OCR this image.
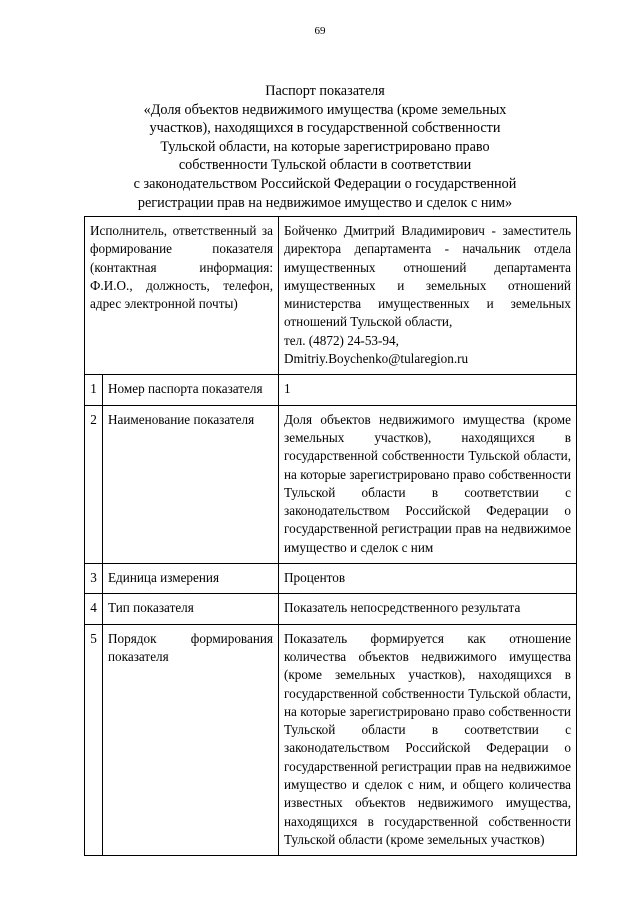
69
Паспорт показателя
«Доля объектов недвижимого имущества (кроме земельных
участков), находящихся в государственной собственности
Тульской области, на которые зарегистрировано право
собственности Тульской области в соответствии
с законодательством Российской Федерации о государственной
регистрации прав на недвижимое имущество и сделок с ним»
Исполнитель, ответственный за формирование показателя (контактная информация: Ф.И.О., должность, телефон, адрес электронной почты)		Бойченко Дмитрий Владимирович - заместитель директора департамента - начальник отдела имущественных отношений департамента имущественных и земельных отношений министерства имущественных и земельных отношений Тульской области,
тел. (4872) 24-53-94,
Dmitriy.Boychenko@tularegion.ru

1	Номер паспорта показателя	1
2	Наименование показателя	Доля объектов недвижимого имущества (кроме земельных участков), находящихся в государственной собственности Тульской области, на которые зарегистрировано право собственности Тульской области в соответствии с законодательством Российской Федерации о государственной регистрации прав на недвижимое имущество и сделок с ним
3	Единица измерения	Процентов
4	Тип показателя	Показатель непосредственного результата
5	Порядок формирования показателя	Показатель формируется как отношение количества объектов недвижимого имущества (кроме земельных участков), находящихся в государственной собственности Тульской области, на которые зарегистрировано право собственности Тульской области в соответствии с законодательством Российской Федерации о государственной регистрации прав на недвижимое имущество и сделок с ним, и общего количества известных объектов недвижимого имущества, находящихся в государственной собственности Тульской области (кроме земельных участков)
